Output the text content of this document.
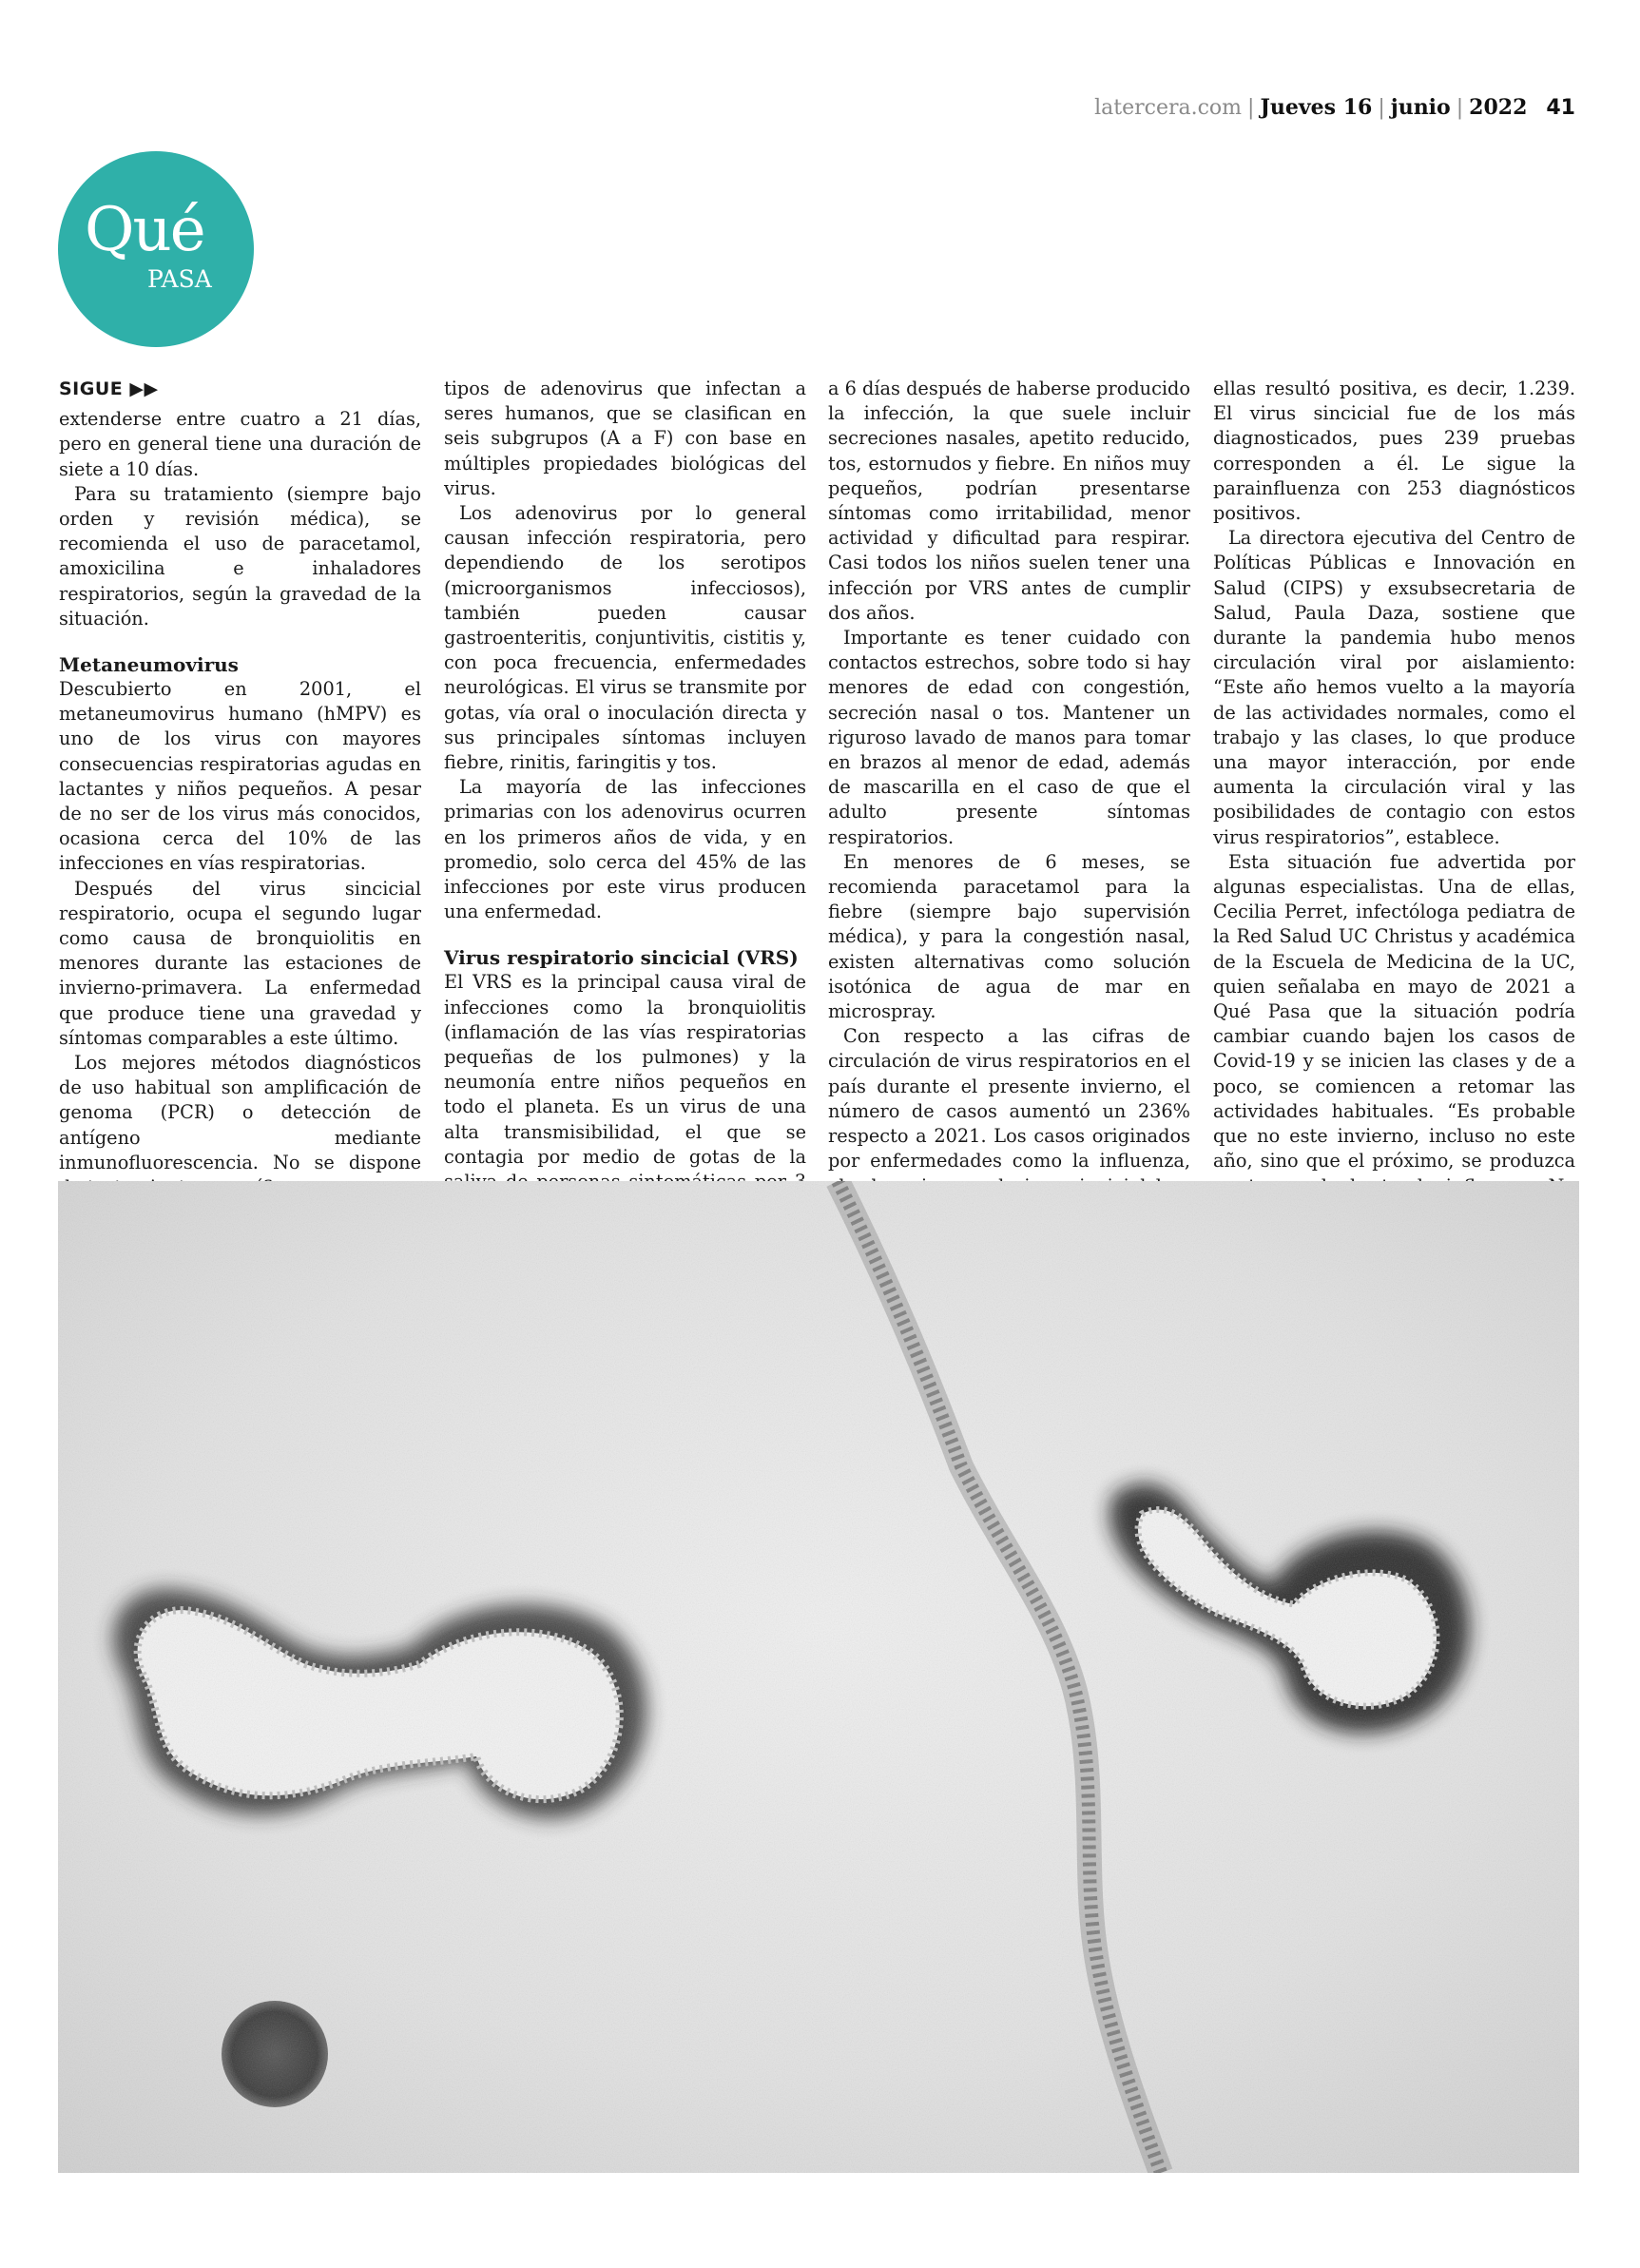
latercera.com | Jueves 16 | junio | 2022 41
Qué
PASA
SIGUE ▶▶

extenderse entre cuatro a 21 días, pero en general tiene una duración de siete a 10 días.

Para su tratamiento (siempre bajo orden y revisión médica), se recomienda el uso de paracetamol, amoxicilina e inhaladores respiratorios, según la gravedad de la situación.

Metaneumovirus

Descubierto en 2001, el metaneumovirus humano (hMPV) es uno de los virus con mayores consecuencias respiratorias agudas en lactantes y niños pequeños. A pesar de no ser de los virus más conocidos, ocasiona cerca del 10% de las infecciones en vías respiratorias.

Después del virus sincicial respiratorio, ocupa el segundo lugar como causa de bronquiolitis en menores durante las estaciones de invierno-primavera. La enfermedad que produce tiene una gravedad y síntomas comparables a este último.

Los mejores métodos diagnósticos de uso habitual son amplificación de genoma (PCR) o detección de antígeno mediante inmunofluorescencia. No se dispone

tipos de adenovirus que infectan a seres humanos, que se clasifican en seis subgrupos (A a F) con base en múltiples propiedades biológicas del virus.

Los adenovirus por lo general causan infección respiratoria, pero dependiendo de los serotipos (microorganismos infecciosos), también pueden causar gastroenteritis, conjuntivitis, cistitis y, con poca frecuencia, enfermedades neurológicas. El virus se transmite por gotas, vía oral o inoculación directa y sus principales síntomas incluyen fiebre, rinitis, faringitis y tos.

La mayoría de las infecciones primarias con los adenovirus ocurren en los primeros años de vida, y en promedio, solo cerca del 45% de las infecciones por este virus producen una enfermedad.

Virus respiratorio sincicial (VRS)

El VRS es la principal causa viral de infecciones como la bronquiolitis (inflamación de las vías respiratorias pequeñas de los pulmones) y la neumonía entre niños pequeños en todo el planeta. Es un virus de una alta transmisibilidad, el que se contagia por medio de gotas de la

a 6 días después de haberse producido la infección, la que suele incluir secreciones nasales, apetito reducido, tos, estornudos y fiebre. En niños muy pequeños, podrían presentarse síntomas como irritabilidad, menor actividad y dificultad para respirar. Casi todos los niños suelen tener una infección por VRS antes de cumplir dos años.

Importante es tener cuidado con contactos estrechos, sobre todo si hay menores de edad con congestión, secreción nasal o tos. Mantener un riguroso lavado de manos para tomar en brazos al menor de edad, además de mascarilla en el caso de que el adulto presente síntomas respiratorios.

En menores de 6 meses, se recomienda paracetamol para la fiebre (siempre bajo supervisión médica), y para la congestión nasal, existen alternativas como solución isotónica de agua de mar en microspray.

Con respecto a las cifras de circulación de virus respiratorios en el país durante el presente invierno, el número de casos aumentó un 236% respecto a 2021. Los casos originados por enfermedades como la influenza,

ellas resultó positiva, es decir, 1.239. El virus sincicial fue de los más diagnosticados, pues 239 pruebas corresponden a él. Le sigue la parainfluenza con 253 diagnósticos positivos.

La directora ejecutiva del Centro de Políticas Públicas e Innovación en Salud (CIPS) y exsubsecretaria de Salud, Paula Daza, sostiene que durante la pandemia hubo menos circulación viral por aislamiento: “Este año hemos vuelto a la mayoría de las actividades normales, como el trabajo y las clases, lo que produce una mayor interacción, por ende aumenta la circulación viral y las posibilidades de contagio con estos virus respiratorios”, establece.

Esta situación fue advertida por algunas especialistas. Una de ellas, Cecilia Perret, infectóloga pediatra de la Red Salud UC Christus y académica de la Escuela de Medicina de la UC, quien señalaba en mayo de 2021 a Qué Pasa que la situación podría cambiar cuando bajen los casos de Covid-19 y se inicien las clases y de a poco, se comiencen a retomar las actividades habituales. “Es probable que no este invierno, incluso no este año, sino que el próximo, se produzca
